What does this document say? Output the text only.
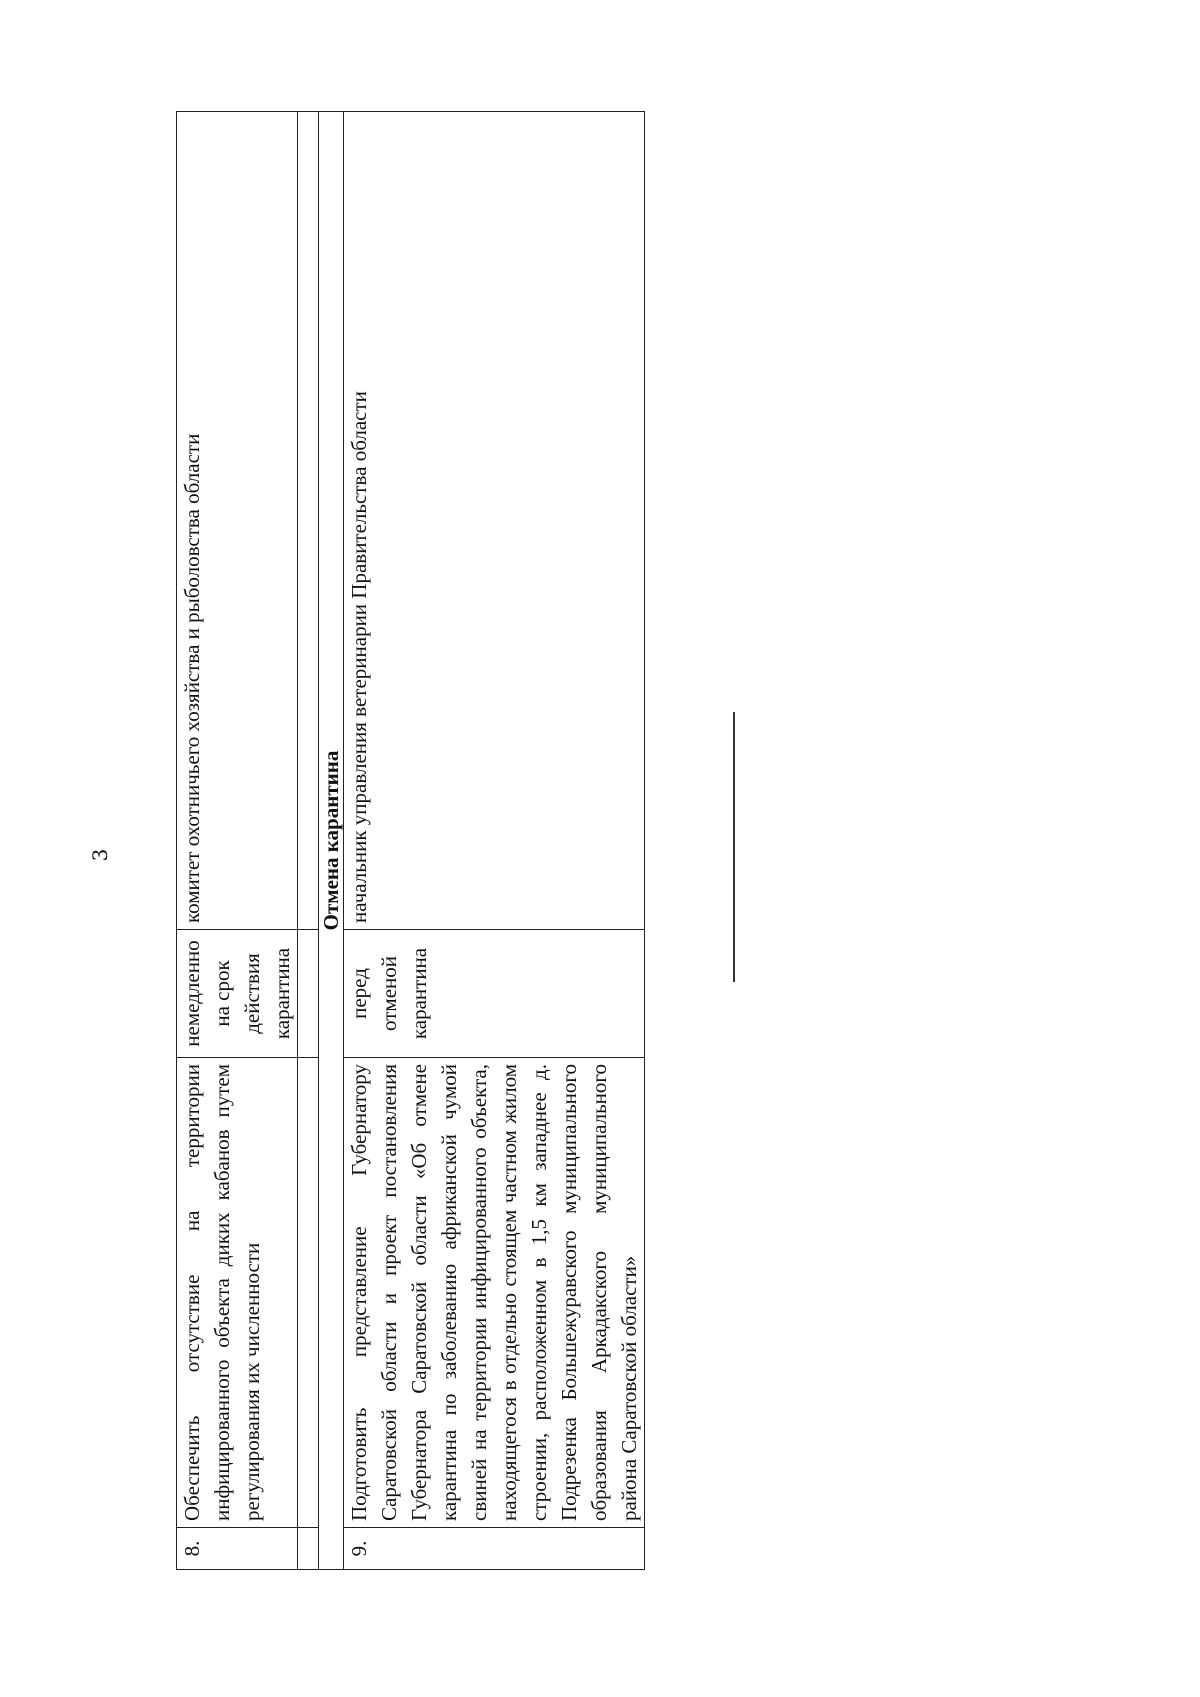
3
8.	Обеспечить отсутствие на территории инфицированного объекта диких кабанов путем регулирования их численности	немедленно на срок действия карантина	комитет охотничьего хозяйства и рыболовства области

Отмена карантина			
9.	Подготовить представление Губернатору Саратовской области и проект постановления Губернатора Саратовской области «Об отмене карантина по заболеванию африканской чумой свиней на территории инфицированного объекта, находящегося в отдельно стоящем частном жилом строении, расположенном в 1,5 км западнее д. Подрезенка Большежуравского муниципального образования Аркадакского муниципального района Саратовской области»	перед отменой карантина	начальник управления ветеринарии Правительства области
